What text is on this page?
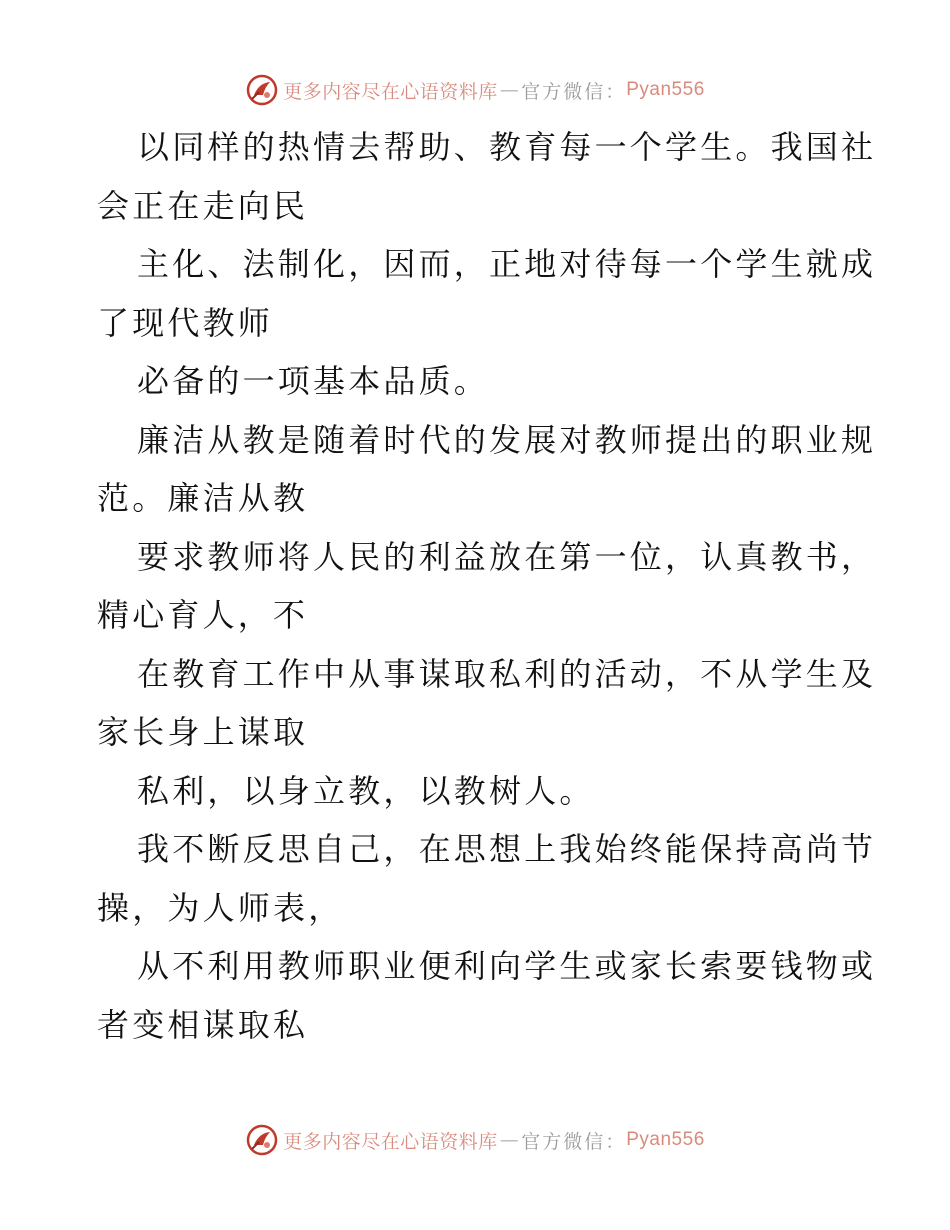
更多内容尽在心语资料库 — 官方微信： Pyan556

以同样的热情去帮助、教育每一个学生。我国社

会正在走向民

主化、法制化，因而，正地对待每一个学生就成

了现代教师

必备的一项基本品质。

廉洁从教是随着时代的发展对教师提出的职业规

范。廉洁从教

要求教师将人民的利益放在第一位，认真教书，

精心育人，不

在教育工作中从事谋取私利的活动，不从学生及

家长身上谋取

私利，以身立教，以教树人。

我不断反思自己，在思想上我始终能保持高尚节

操，为人师表，

从不利用教师职业便利向学生或家长索要钱物或

者变相谋取私

更多内容尽在心语资料库 — 官方微信： Pyan556
